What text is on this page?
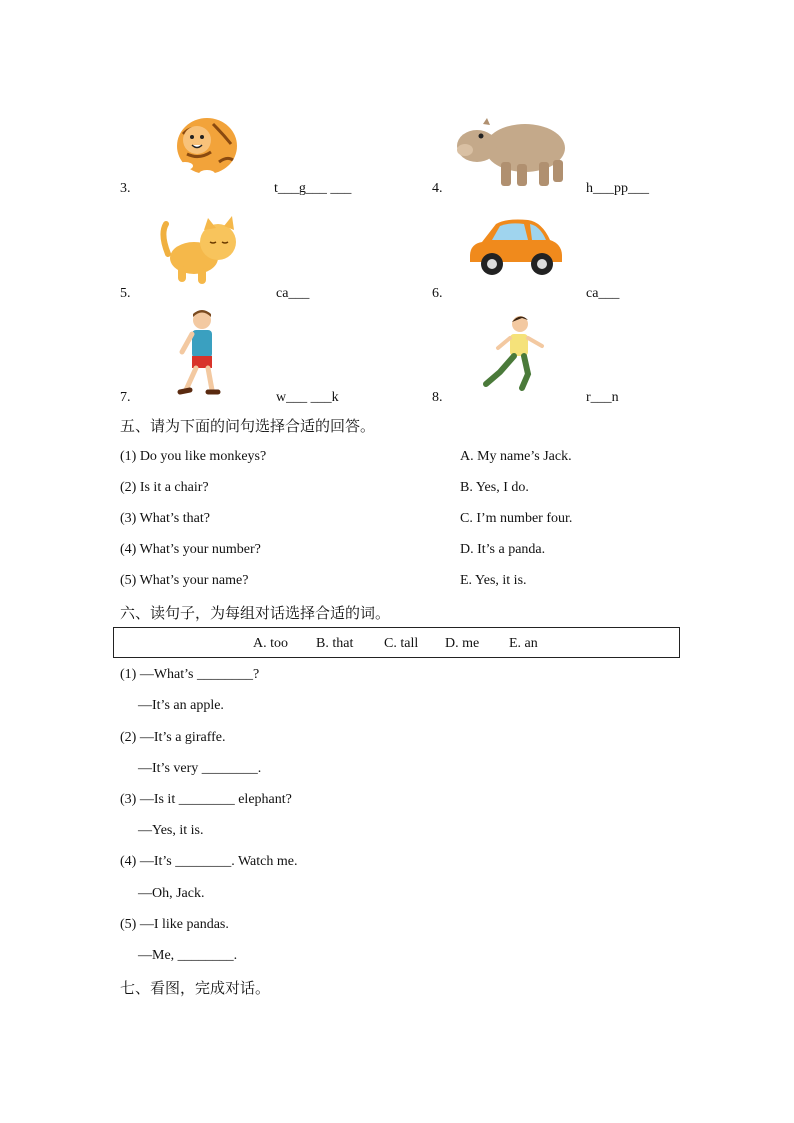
3.	t___g___ ___	4.	h___pp___
5.	ca___	6.	ca___
7.	w___ ___k	8.	r___n
五、请为下面的问句选择合适的回答。
(1) Do you like monkeys?
(2) Is it a chair?
(3) What’s that?
(4) What’s your number?
(5) What’s your name?
A. My name’s Jack.
B. Yes, I do.
C. I’m number four.
D. It’s a panda.
E. Yes, it is.
六、读句子，为每组对话选择合适的词。
A. too B. that C. tall D. me E. an
(1) —What’s ________?
—It’s an apple.
(2) —It’s a giraffe.
—It’s very ________.
(3) —Is it ________ elephant?
—Yes, it is.
(4) —It’s ________. Watch me.
—Oh, Jack.
(5) —I like pandas.
—Me, ________.
七、看图，完成对话。
